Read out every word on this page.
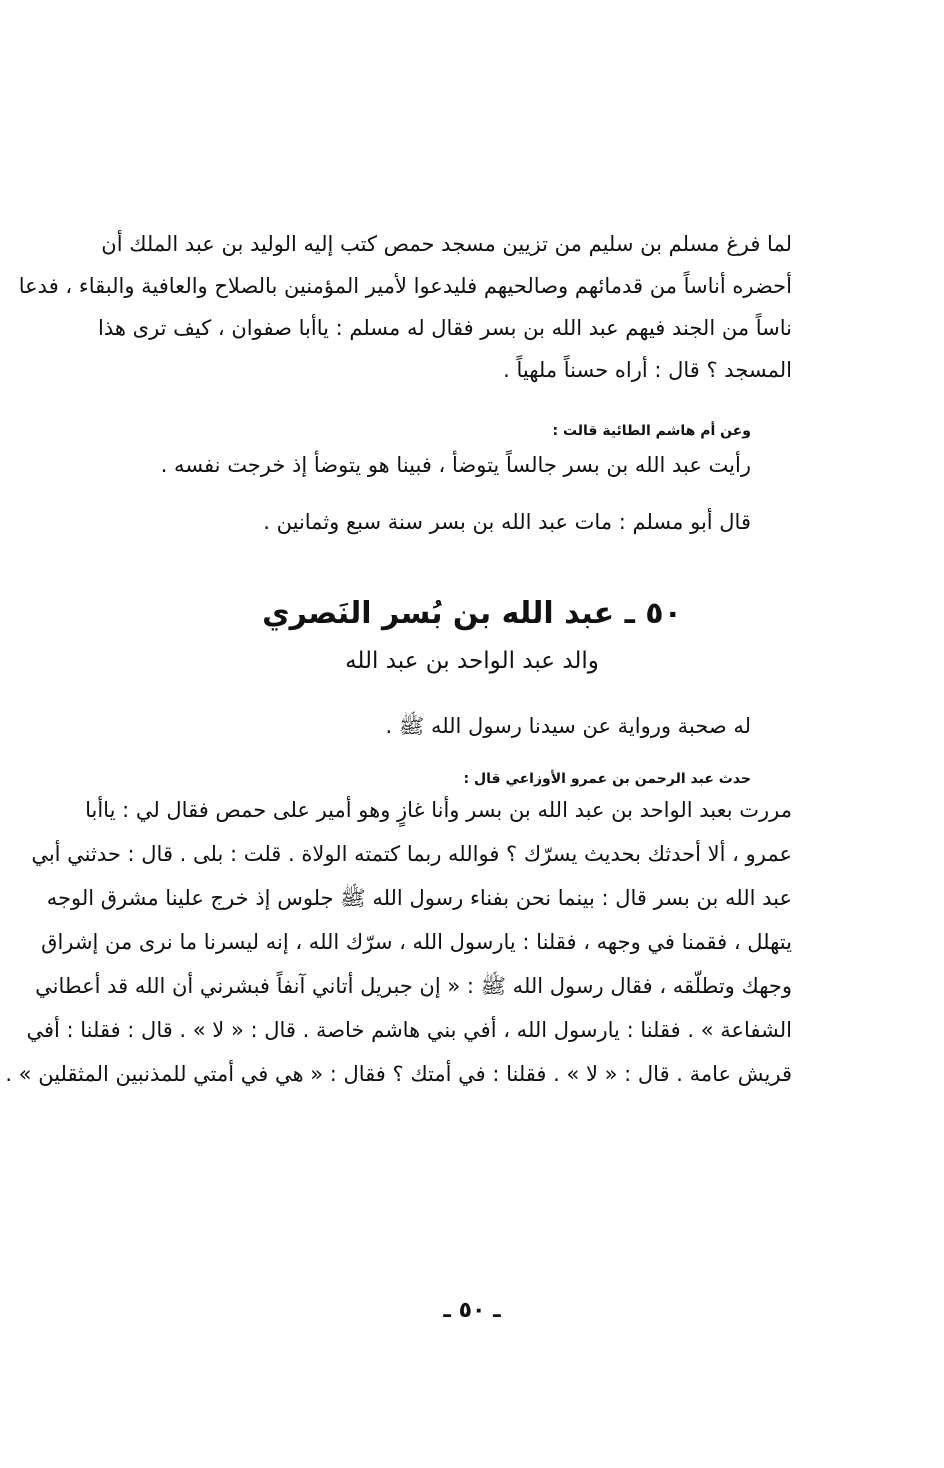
لما فرغ مسلم بن سليم من تزيين مسجد حمص كتب إليه الوليد بن عبد الملك أن
أحضره أناساً من قدمائهم وصالحيهم فليدعوا لأمير المؤمنين بالصلاح والعافية والبقاء ، فدعا
ناساً من الجند فيهم عبد الله بن بسر فقال له مسلم : ياأبا صفوان ، كيف ترى هذا
المسجد ؟ قال : أراه حسناً ملهياً .
وعن أم هاشم الطائية قالت :
رأيت عبد الله بن بسر جالساً يتوضأ ، فبينا هو يتوضأ إذ خرجت نفسه .
قال أبو مسلم : مات عبد الله بن بسر سنة سبع وثمانين .
٥٠ ـ عبد الله بن بُسر النَصري
والد عبد الواحد بن عبد الله
له صحبة ورواية عن سيدنا رسول الله ﷺ .
حدث عبد الرحمن بن عمرو الأوزاعي قال :
مررت بعبد الواحد بن عبد الله بن بسر وأنا غازٍ وهو أمير على حمص فقال لي : ياأبا
عمرو ، ألا أحدثك بحديث يسرّك ؟ فوالله ربما كتمته الولاة . قلت : بلى . قال : حدثني أبي
عبد الله بن بسر قال : بينما نحن بفناء رسول الله ﷺ جلوس إذ خرج علينا مشرق الوجه
يتهلل ، فقمنا في وجهه ، فقلنا : يارسول الله ، سرّك الله ، إنه ليسرنا ما نرى من إشراق
وجهك وتطلّقه ، فقال رسول الله ﷺ : « إن جبريل أتاني آنفاً فبشرني أن الله قد أعطاني
الشفاعة » . فقلنا : يارسول الله ، أفي بني هاشم خاصة . قال : « لا » . قال : فقلنا : أفي
قريش عامة . قال : « لا » . فقلنا : في أمتك ؟ فقال : « هي في أمتي للمذنبين المثقلين » .
ـ ٥٠ ـ
